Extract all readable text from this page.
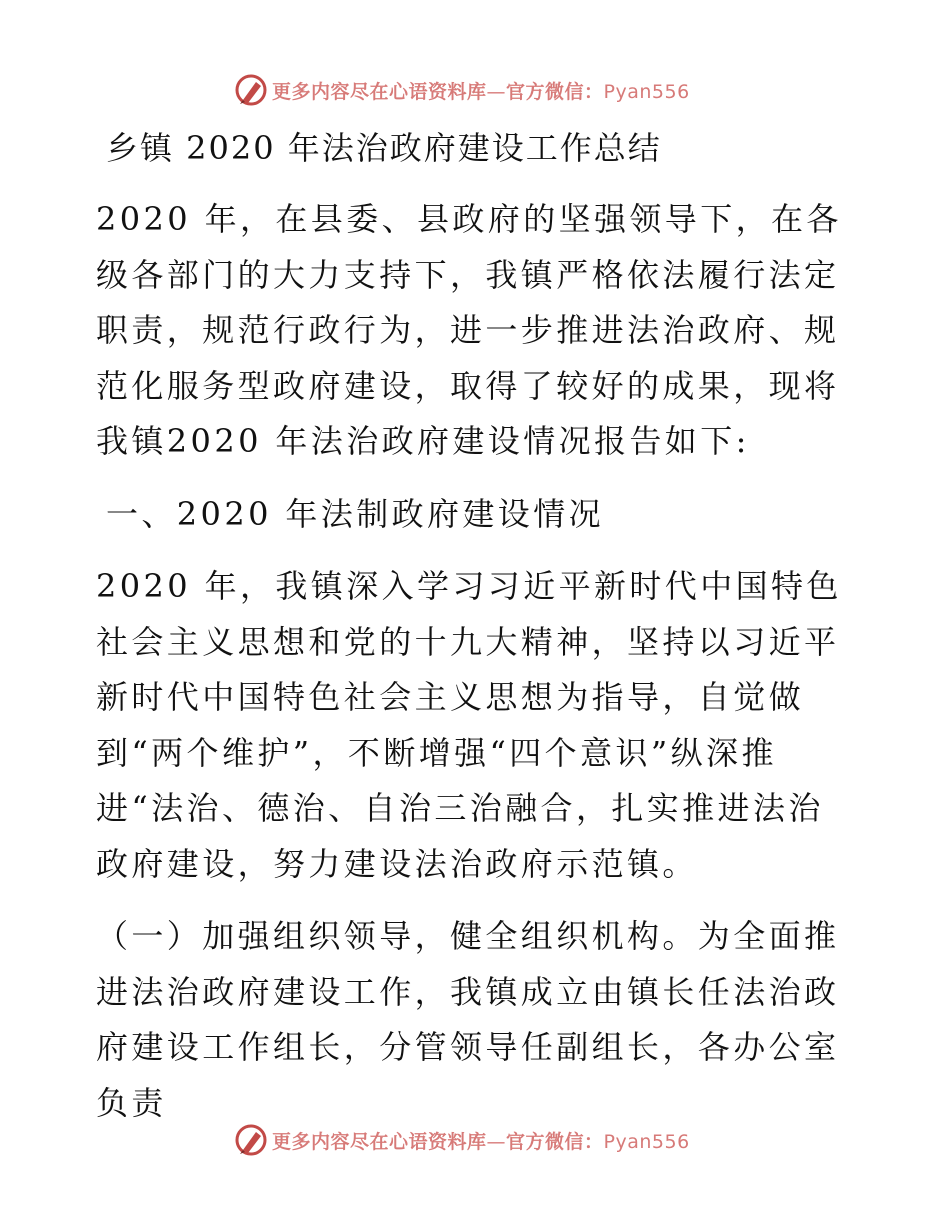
更多内容尽在心语资料库—官方微信：Pyan556
乡镇 2020 年法治政府建设工作总结

2020 年，在县委、县政府的坚强领导下，在各级各部门的大力支持下，我镇严格依法履行法定职责，规范行政行为，进一步推进法治政府、规范化服务型政府建设，取得了较好的成果，现将我镇2020 年法治政府建设情况报告如下:

一、2020 年法制政府建设情况

2020 年，我镇深入学习习近平新时代中国特色社会主义思想和党的十九大精神，坚持以习近平新时代中国特色社会主义思想为指导，自觉做到“两个维护”，不断增强“四个意识”纵深推进“法治、德治、自治三治融合，扎实推进法治政府建设，努力建设法治政府示范镇。

（一）加强组织领导，健全组织机构。为全面推进法治政府建设工作，我镇成立由镇长任法治政府建设工作组长，分管领导任副组长，各办公室负责

更多内容尽在心语资料库—官方微信：Pyan556
